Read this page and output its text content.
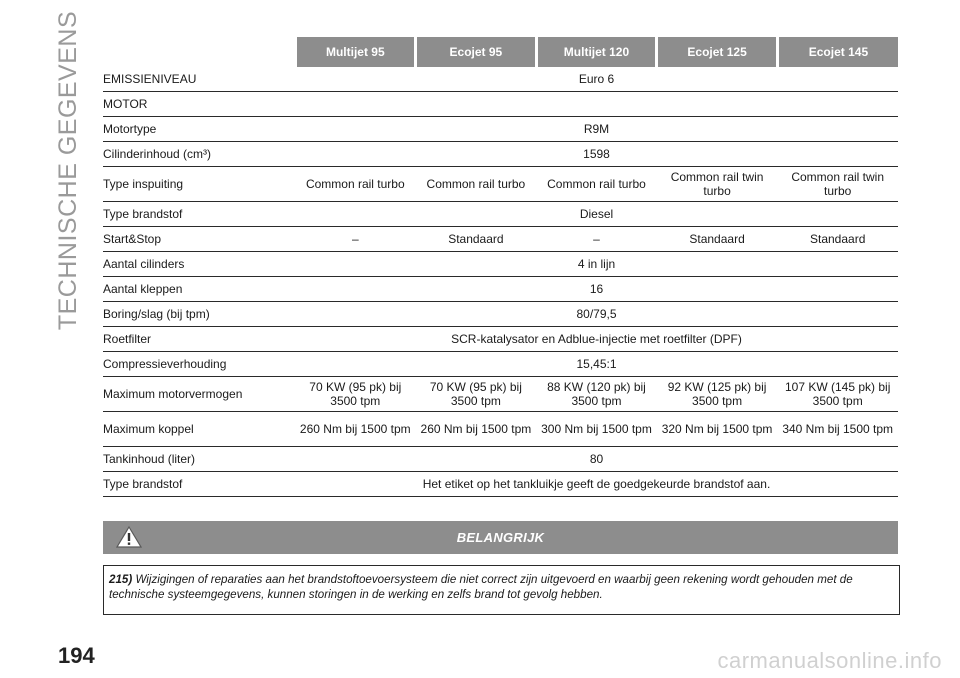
TECHNISCHE GEGEVENS
		Multijet 95	Ecojet 95	Multijet 120	Ecojet 125	Ecojet 145
EMISSIENIVEAU	Euro 6				
MOTOR					
Motortype	R9M				
Cilinderinhoud (cm³)	1598				
Type inspuiting	Common rail turbo	Common rail turbo	Common rail turbo	Common rail twin turbo	Common rail twin turbo
Type brandstof	Diesel				
Start&Stop	–	Standaard	–	Standaard	Standaard
Aantal cilinders	4 in lijn				
Aantal kleppen	16				
Boring/slag (bij tpm)	80/79,5				
Roetfilter	SCR-katalysator en Adblue-injectie met roetfilter (DPF)				
Compressieverhouding	15,45:1				
Maximum motorvermogen	70 KW (95 pk) bij 3500 tpm	70 KW (95 pk) bij 3500 tpm	88 KW (120 pk) bij 3500 tpm	92 KW (125 pk) bij 3500 tpm	107 KW (145 pk) bij 3500 tpm
Maximum koppel	260 Nm bij 1500 tpm	260 Nm bij 1500 tpm	300 Nm bij 1500 tpm	320 Nm bij 1500 tpm	340 Nm bij 1500 tpm
Tankinhoud (liter)	80				
Type brandstof	Het etiket op het tankluikje geeft de goedgekeurde brandstof aan.				
BELANGRIJK
215) Wijzigingen of reparaties aan het brandstoftoevoersysteem die niet correct zijn uitgevoerd en waarbij geen rekening wordt gehouden met de technische systeemgegevens, kunnen storingen in de werking en zelfs brand tot gevolg hebben.
194	carmanualsonline.info
